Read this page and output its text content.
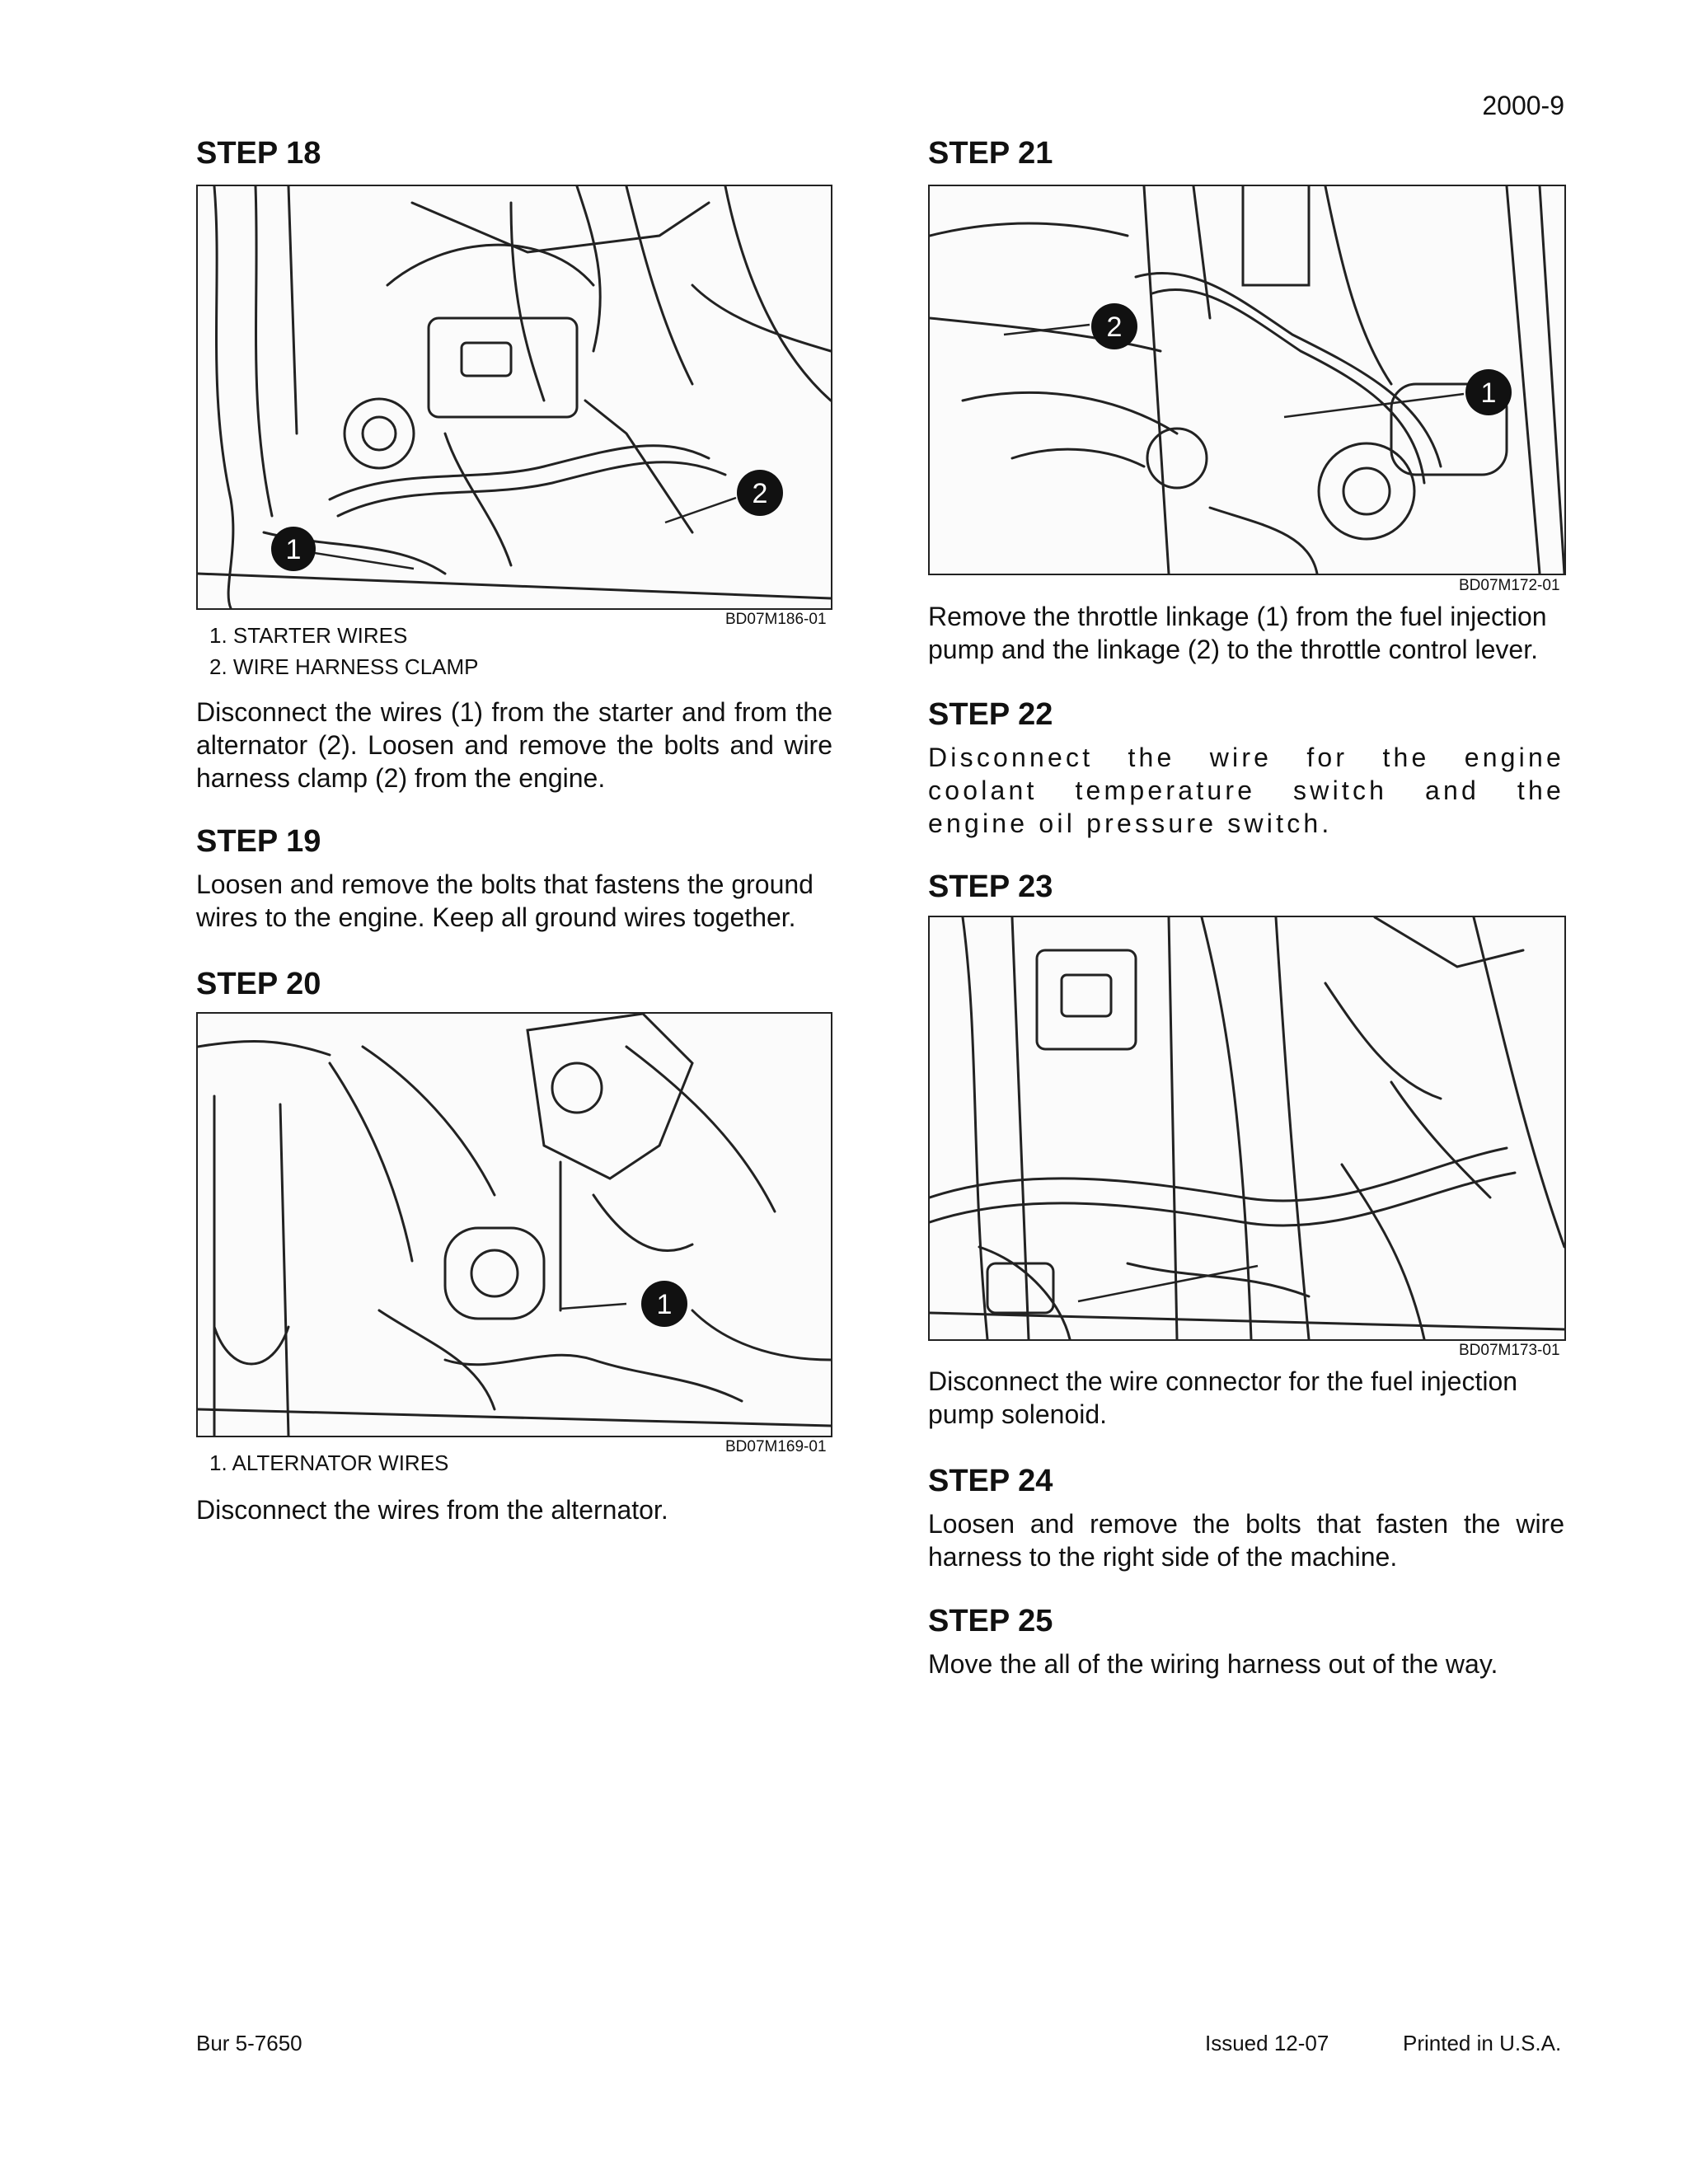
2000-9
STEP 18
1
2
BD07M186-01
1. STARTER WIRES
2. WIRE HARNESS CLAMP
Disconnect the wires (1) from the starter and from the alternator (2). Loosen and remove the bolts and wire harness clamp (2) from the engine.
STEP 19
Loosen and remove the bolts that fastens the ground wires to the engine. Keep all ground wires together.
STEP 20
1
BD07M169-01
1. ALTERNATOR WIRES
Disconnect the wires from the alternator.
STEP 21
2
1
BD07M172-01
Remove the throttle linkage (1) from the fuel injection pump and the linkage (2) to the throttle control lever.
STEP 22
Disconnect the wire for the engine coolant temperature switch and the engine oil pressure switch.
STEP 23
BD07M173-01
Disconnect the wire connector for the fuel injection pump solenoid.
STEP 24
Loosen and remove the bolts that fasten the wire harness to the right side of the machine.
STEP 25
Move the all of the wiring harness out of the way.
Bur 5-7650	Issued 12-07	Printed in U.S.A.
